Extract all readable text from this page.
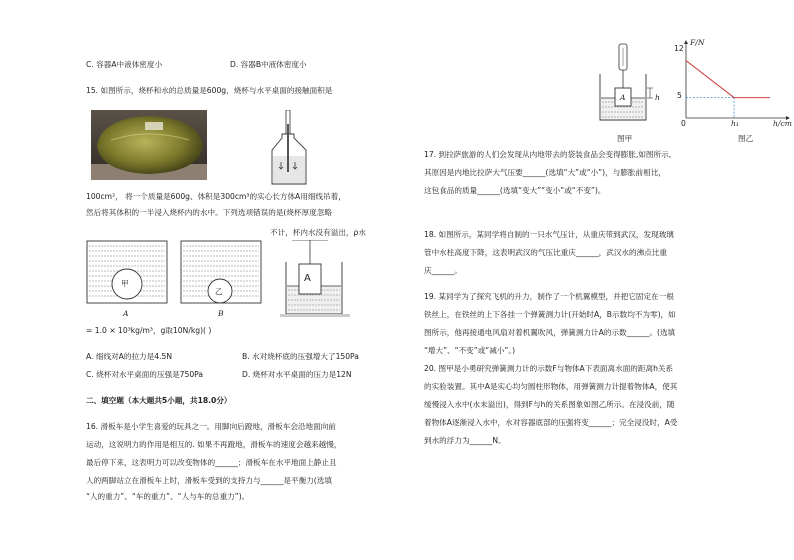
C. 容器A中液体密度小	D. 容器B中液体密度小
15. 如图所示，烧杯和水的总质量是600g，烧杯与水平桌面的接触面积是
100cm²， 将一个质量是600g、体积是300cm³的实心长方体A用细线吊着，
然后将其体积的一半浸入烧杯内的水中。下列选项错误的是(烧杯厚度忽略
不计，杯内水没有溢出，ρ水
甲
A
乙
B
A
= 1.0 × 10³kg/m³，g取10N/kg)( )
A. 细线对A的拉力是4.5N	B. 水对烧杯底的压强增大了150Pa
C. 烧杯对水平桌面的压强是750Pa	D. 烧杯对水平桌面的压力是12N
二、填空题（本大题共5小题，共18.0分）
16. 滑板车是小学生喜爱的玩具之一。用脚向后蹬地，滑板车会沿地面向前
运动，这说明力的作用是相互的. 如果不再蹬地，滑板车的速度会越来越慢，
最后停下来，这表明力可以改变物体的______；滑板车在水平地面上静止且
人的两脚站立在滑板车上时，滑板车受到的支持力与______是平衡力(选填
“人的重力”、“车的重力”、“人与车的总重力”)。
A	h
图甲
12
5
0	h₁
F/N
h/cm
图乙
17. 到拉萨旅游的人们会发现从内地带去的袋装食品会变得膨胀,如图所示,
其原因是内地比拉萨大气压要______(选填“大”或“小”)，与膨胀前相比，
这包食品的质量______(选填“变大”“变小”或“不变”)。
18. 如图所示，某同学将自制的一只水气压计，从重庆带到武汉，发现玻璃
管中水柱高度下降，这表明武汉的气压比重庆______，武汉水的沸点比重
庆______。
19. 某同学为了探究飞机的升力，制作了一个机翼模型，并把它固定在一根
铁丝上，在铁丝的上下各挂一个弹簧测力计(开始时A，B示数均不为零)，如
图所示，他再接通电风扇对着机翼吹风，弹簧测力计A的示数______。(选填
“增大”、“不变”或“减小”。)
20. 图甲是小勇研究弹簧测力计的示数F与物体A下表面离水面的距离h关系
的实验装置。其中A是实心均匀圆柱形物体，用弹簧测力计提着物体A，使其
缓慢浸入水中(水未溢出)，得到F与h的关系图象如图乙所示。在浸没前，随
着物体A逐渐浸入水中，水对容器底部的压强将变______；完全浸没时，A受
到水的浮力为______N。
